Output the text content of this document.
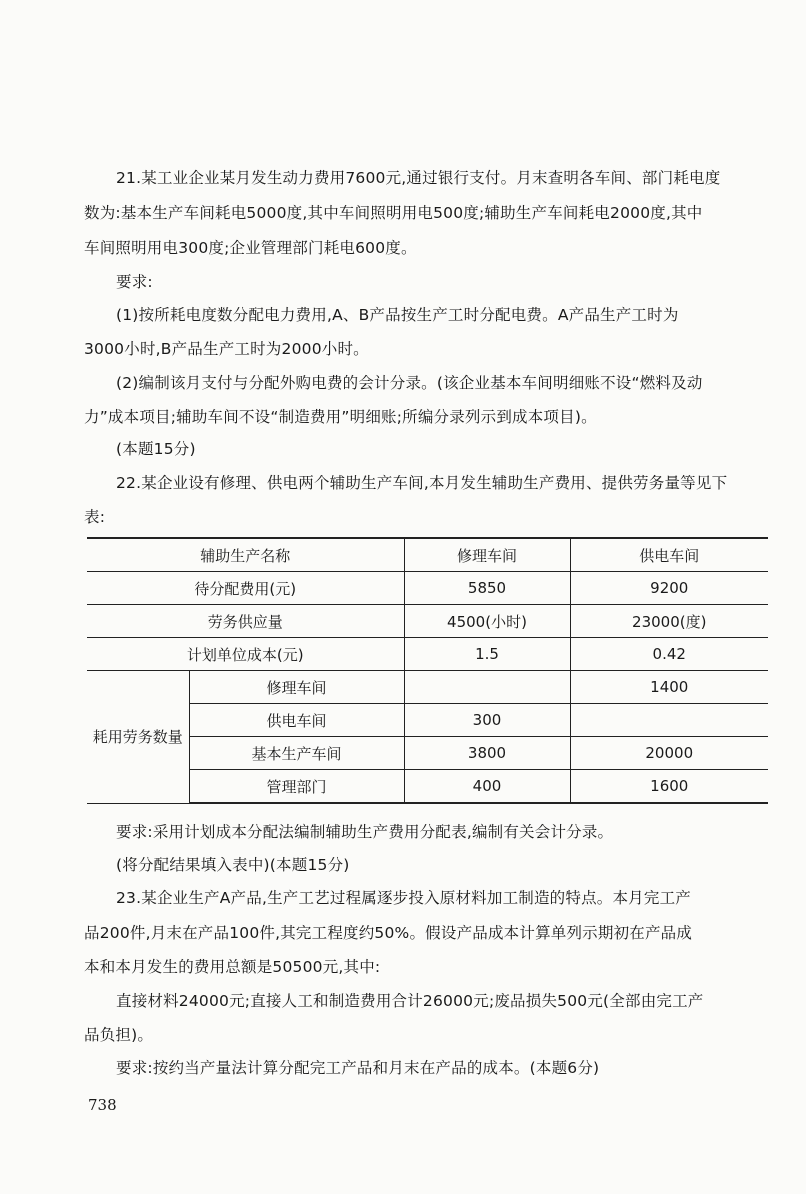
21.某工业企业某月发生动力费用7600元,通过银行支付。月末查明各车间、部门耗电度
数为:基本生产车间耗电5000度,其中车间照明用电500度;辅助生产车间耗电2000度,其中
车间照明用电300度;企业管理部门耗电600度。
要求:
(1)按所耗电度数分配电力费用,A、B产品按生产工时分配电费。A产品生产工时为
3000小时,B产品生产工时为2000小时。
(2)编制该月支付与分配外购电费的会计分录。(该企业基本车间明细账不设“燃料及动
力”成本项目;辅助车间不设“制造费用”明细账;所编分录列示到成本项目)。
(本题15分)
22.某企业设有修理、供电两个辅助生产车间,本月发生辅助生产费用、提供劳务量等见下
表:
辅助生产名称		修理车间	供电车间
待分配费用(元)		5850	9200
劳务供应量		4500(小时)	23000(度)
计划单位成本(元)		1.5	0.42
耗用劳务数量	修理车间		1400
	供电车间	300	
	基本生产车间	3800	20000
	管理部门	400	1600
要求:采用计划成本分配法编制辅助生产费用分配表,编制有关会计分录。
(将分配结果填入表中)(本题15分)
23.某企业生产A产品,生产工艺过程属逐步投入原材料加工制造的特点。本月完工产
品200件,月末在产品100件,其完工程度约50%。假设产品成本计算单列示期初在产品成
本和本月发生的费用总额是50500元,其中:
直接材料24000元;直接人工和制造费用合计26000元;废品损失500元(全部由完工产
品负担)。
要求:按约当产量法计算分配完工产品和月末在产品的成本。(本题6分)
738
